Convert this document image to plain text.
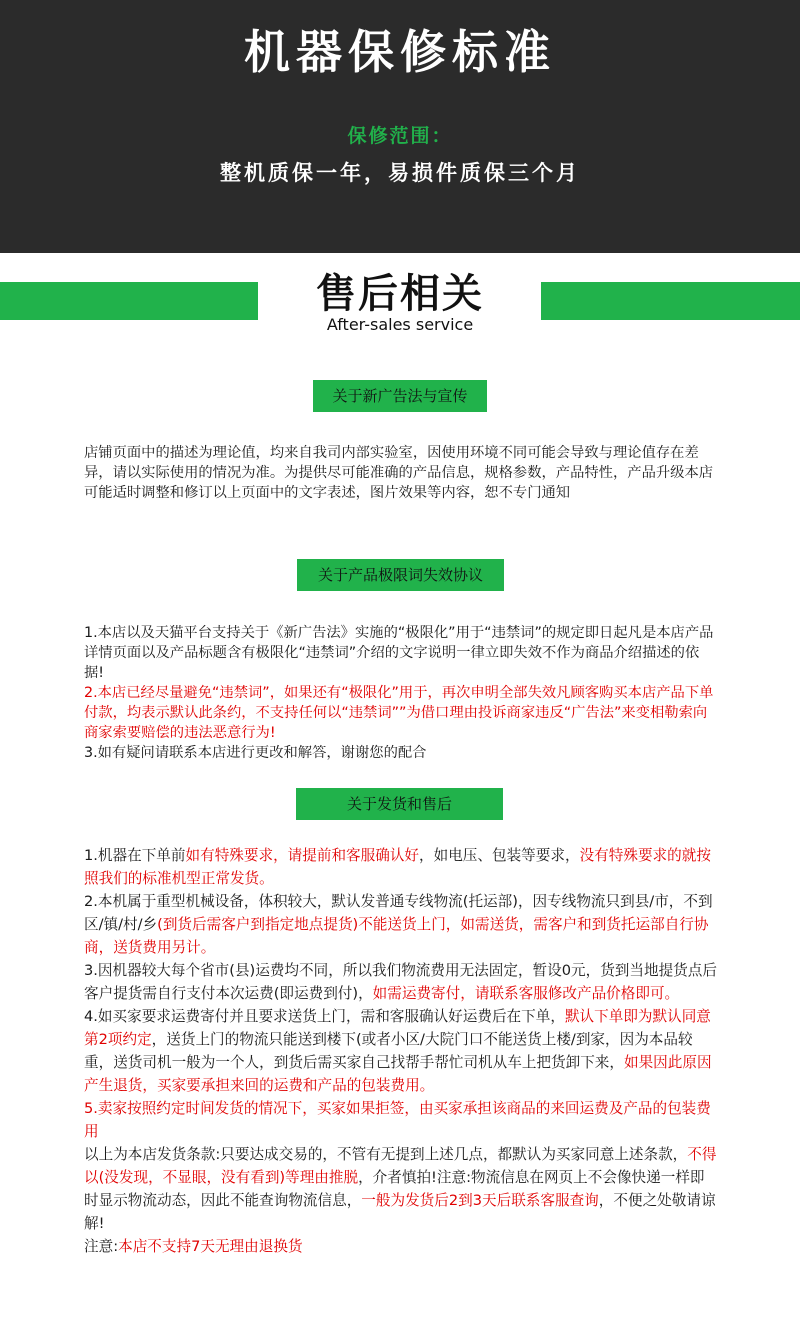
机器保修标准
保修范围：
整机质保一年，易损件质保三个月
售后相关
After-sales service
关于新广告法与宣传

店铺页面中的描述为理论值，均来自我司内部实验室，因使用环境不同可能会导致与理论值存在差异，请以实际使用的情况为准。为提供尽可能准确的产品信息，规格参数，产品特性，产品升级本店可能适时调整和修订以上页面中的文字表述，图片效果等内容，恕不专门通知

关于产品极限词失效协议

1.本店以及天猫平台支持关于《新广告法》实施的“极限化”用于“违禁词”的规定即日起凡是本店产品详情页面以及产品标题含有极限化“违禁词”介绍的文字说明一律立即失效不作为商品介绍描述的依据!

2.本店已经尽量避免“违禁词”，如果还有“极限化”用于，再次申明全部失效凡顾客购买本店产品下单付款，均表示默认此条约，不支持任何以“违禁词””为借口理由投诉商家违反“广告法”来变相勒索向商家索要赔偿的违法恶意行为!

3.如有疑问请联系本店进行更改和解答，谢谢您的配合

关于发货和售后

1.机器在下单前如有特殊要求，请提前和客服确认好，如电压、包装等要求，没有特殊要求的就按照我们的标准机型正常发货。

2.本机属于重型机械设备，体积较大，默认发普通专线物流(托运部)，因专线物流只到县/市，不到区/镇/村/乡(到货后需客户到指定地点提货)不能送货上门，如需送货，需客户和到货托运部自行协商，送货费用另计。

3.因机器较大每个省市(县)运费均不同，所以我们物流费用无法固定，暂设0元，货到当地提货点后客户提货需自行支付本次运费(即运费到付)，如需运费寄付，请联系客服修改产品价格即可。

4.如买家要求运费寄付并且要求送货上门，需和客服确认好运费后在下单，默认下单即为默认同意第2项约定，送货上门的物流只能送到楼下(或者小区/大院门口不能送货上楼/到家，因为本品较重，送货司机一般为一个人，到货后需买家自己找帮手帮忙司机从车上把货卸下来，如果因此原因产生退货，买家要承担来回的运费和产品的包装费用。

5.卖家按照约定时间发货的情况下，买家如果拒签，由买家承担该商品的来回运费及产品的包装费用

以上为本店发货条款:只要达成交易的，不管有无提到上述几点，都默认为买家同意上述条款，不得以(没发现，不显眼，没有看到)等理由推脱，介者慎拍!注意:物流信息在网页上不会像快递一样即时显示物流动态，因此不能查询物流信息，一般为发货后2到3天后联系客服查询，不便之处敬请谅解!

注意:本店不支持7天无理由退换货
